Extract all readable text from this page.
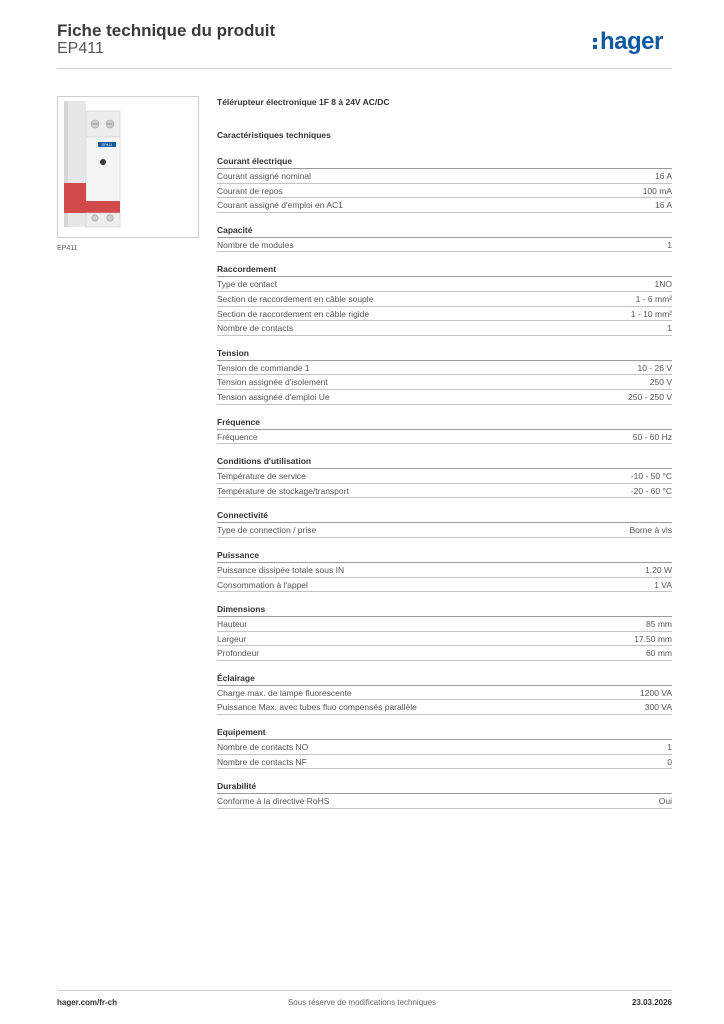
Fiche technique du produit
EP411	hager
EP411
EP411
Télérupteur électronique 1F 8 à 24V AC/DC
Caractéristiques techniques
Courant électrique
Courant assigné nominal	16 A
Courant de repos	100 mA
Courant assigné d'emploi en AC1	16 A
Capacité
Nombre de modules	1
Raccordement
Type de contact	1NO
Section de raccordement en câble souple	1 - 6 mm²
Section de raccordement en câble rigide	1 - 10 mm²
Nombre de contacts	1
Tension
Tension de commande 1	10 - 26 V
Tension assignée d'isolement	250 V
Tension assignée d'emploi Ue	250 - 250 V
Fréquence
Fréquence	50 - 60 Hz
Conditions d'utilisation
Température de service	-10 - 50 °C
Température de stockage/transport	-20 - 60 °C
Connectivité
Type de connection / prise	Borne à vis
Puissance
Puissance dissipée totale sous IN	1.20 W
Consommation à l'appel	1 VA
Dimensions
Hauteur	85 mm
Largeur	17.50 mm
Profondeur	60 mm
Éclairage
Charge max. de lampe fluorescente	1200 VA
Puissance Max. avec tubes fluo compensés parallèle	300 VA
Equipement
Nombre de contacts NO	1
Nombre de contacts NF	0
Durabilité
Conforme à la directive RoHS	Oui
hager.com/fr-ch	Sous réserve de modifications techniques	23.03.2026
